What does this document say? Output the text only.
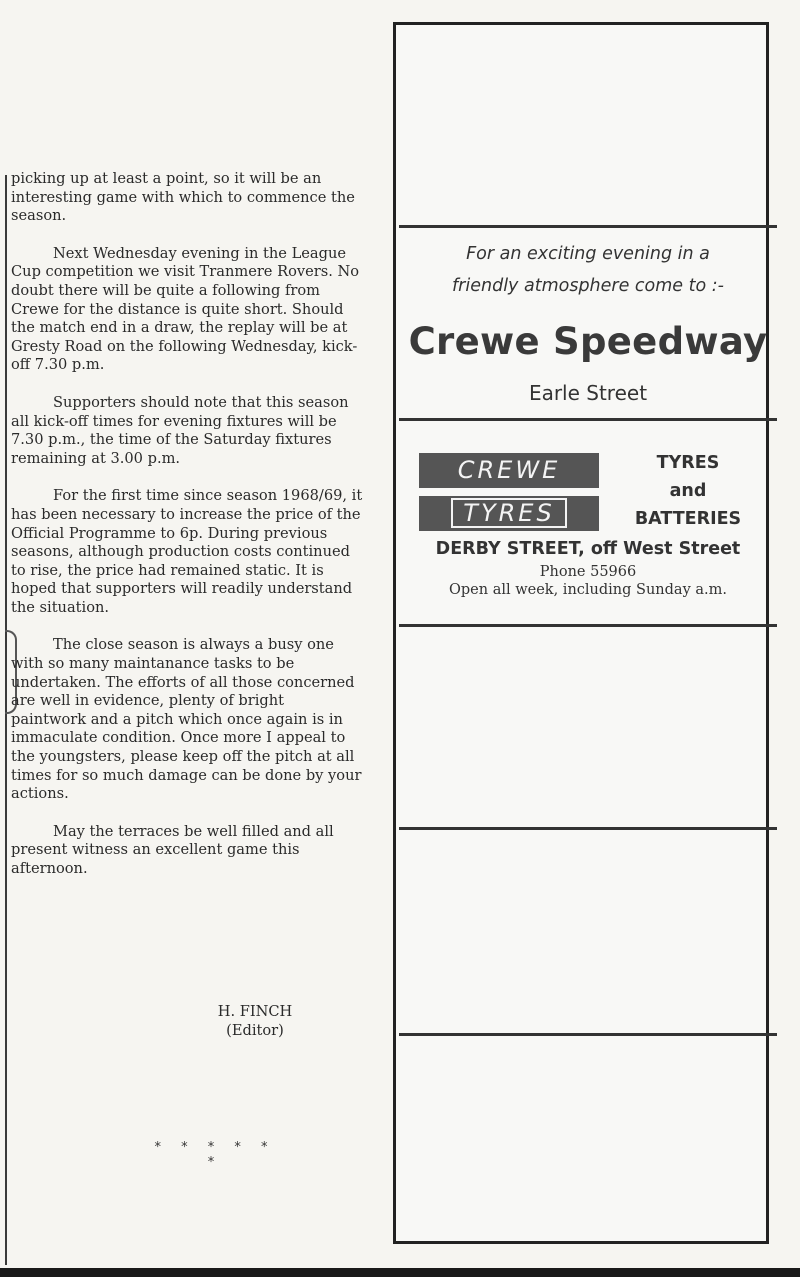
picking up at least a point, so it will be an interesting game with which to commence the season.

Next Wednesday evening in the League Cup competition we visit Tranmere Rovers. No doubt there will be quite a following from Crewe for the distance is quite short. Should the match end in a draw, the replay will be at Gresty Road on the following Wednesday, kick-off 7.30 p.m.

Supporters should note that this season all kick-off times for evening fixtures will be 7.30 p.m., the time of the Saturday fixtures remaining at 3.00 p.m.

For the first time since season 1968/69, it has been necessary to increase the price of the Official Programme to 6p. During previous seasons, although production costs continued to rise, the price had remained static. It is hoped that supporters will readily understand the situation.

The close season is always a busy one with so many maintanance tasks to be undertaken. The efforts of all those concerned are well in evidence, plenty of bright paintwork and a pitch which once again is in immaculate condition. Once more I appeal to the youngsters, please keep off the pitch at all times for so much damage can be done by your actions.

May the terraces be well filled and all present witness an excellent game this afternoon.

H. FINCH
(Editor)
* * * * * *
For an exciting evening in a
friendly atmosphere come to :-
Crewe Speedway
Earle Street
CREWE
TYRES
TYRES
and
BATTERIES
DERBY STREET, off West Street
Phone 55966
Open all week, including Sunday a.m.
